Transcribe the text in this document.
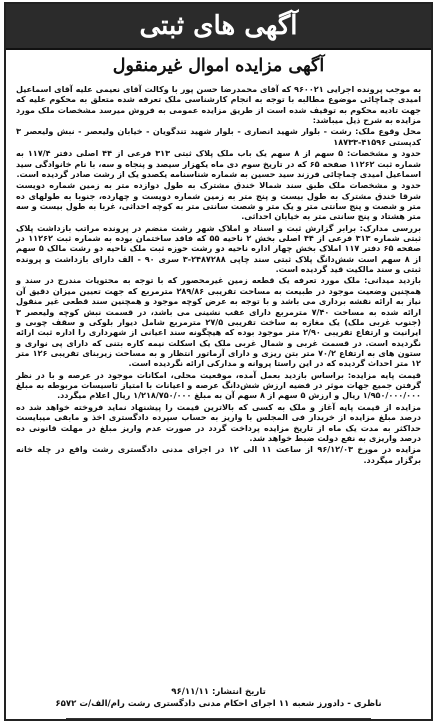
آگهی های ثبتی
آگهی مزایده اموال غیرمنقول

به موجب پرونده اجرایی ۹۶۰۰۲۱ که آقای محمدرضا حسن پور با وکالت آقای نعیمی علیه آقای اسماعیل امیدی چماچائی موضوع مطالبه با توجه به انجام کارشناسی ملک تعرفه شده متعلق به محکوم علیه که جهت تادیه محکوم به توقیف شده است از طریق مزایده عمومی به فروش میرسد مشخصات ملک مورد مزایده به شرح ذیل میباشد:

محل وقوع ملک: رشت - بلوار شهید انصاری - بلوار شهید تندگویان - خیابان ولیعصر - نبش ولیعصر ۳ کدپستی ۴۱۵۹۶-۱۸۷۳۳

حدود و مشخصات: ۵ سهم از ۸ سهم یک باب ملک پلاک ثبتی ۳۱۳ فرعی از ۴۴ اصلی دفتر ۱۱۷/۴ به شماره ثبت ۱۱۲۶۲ صفحه ۶۵ که در تاریخ سوم دی ماه یکهزار سیصد و پنجاه و سه، با نام خانوادگی سید اسماعیل امیدی چماچائی فرزند سید حسین به شماره شناسنامه یکصدو یک از رشت صادر گردیده است.

حدود و مشخصات ملک طبق سند شمالا خندق مشترک به طول دوازده متر به زمین شماره دویست شرقا خندق مشترک به طول بیست و پنج متر به زمین شماره دویست و چهارده، جنوبا به طولهای ده متر و شصت و پنج سانتی متر و یک متر و شصت سانتی متر به کوچه احداثی، غربا به طول بیست و سه متر هشتاد و پنج سانتی متر به خیابان احداثی.

بررسی مدارک: برابر گزارش ثبت و اسناد و املاک شهر رشت منضم در پرونده مراتب بازداشت پلاک ثبتی شماره ۳۱۳ فرعی از ۴۴ اصلی بخش ۲ ناحیه ۵۵ که فاقد ساختمان بوده به شماره ثبت ۱۱۲۶۲ در صفحه ۶۵ دفتر ۱۱۷ املاک بخش چهار اداره ناحیه دو رشت حوزه ثبت ملک ناحیه دو رشت مالک ۵ سهم از ۸ سهم است شش‌دانگ پلاک ثبتی سند چاپی ۲۴۸۷۲۸۸-۳ سری ۹۰ - الف دارای بازداشت و پرونده ثبتی و سند مالکیت قید گردیده است.

بازدید میدانی: ملک مورد تعرفه یک قطعه زمین غیرمحصور که با توجه به محتویات مندرج در سند و همچنین وضعیت موجود در طبیعت به مساحت تقریبی ۲۸۹/۸۶ مترمربع که جهت تعیین میزان دقیق آن نیاز به ارائه نقشه برداری می باشد و با توجه به عرض کوچه موجود و همچنین سند قطعی غیر منقول ارائه شده به مساحت ۷/۴۰ مترمربع دارای عقب نشینی می باشد، در قسمت نبش کوچه ولیعصر ۳ (جنوب غربی ملک) یک مغازه به ساخت تقریبی ۲۷/۵ مترمربع شامل دیوار بلوکی و سقف چوبی و ایرانیت و ارتفاع تقریبی ۲/۹۰ متر موجود بوده که هیچگونه سند اعیانی از شهرداری را اداره ثبت ارائه نگردیده است. در قسمت غربی و شمال غربی ملک یک اسکلت نیمه کاره بتنی که دارای پی نواری و ستون های به ارتفاع ۷۰/۲ متر بتن ریزی و دارای آرماتور انتظار و به مساحت زیربنای تقریبی ۱۲۶ متر ۱۲ متر احداث گردیده که در این راستا پروانه و مدارکی ارائه نگردیده است.

قیمت پایه مزایده: براساس بازدید بعمل آمده، موقعیت محلی، امکانات موجود در عرصه و با در نظر گرفتن جمیع جهات موثر در قضیه ارزش شش‌دانگ عرصه و اعیانات با امتیاز تاسیسات مربوطه به مبلغ ۱/۹۵۰/۰۰۰/۰۰۰ ریال و ارزش ۵ سهم از ۸ سهم آن به مبلغ ۱/۲۱۸/۷۵۰/۰۰۰ ریال اعلام میگردد.

مزایده از قیمت پایه آغاز و ملک به کسی که بالاترین قیمت را پیشنهاد نماید فروخته خواهد شد ده درصد مبلغ مزایده از خریدار فی المجلس با واریز به حساب سپرده دادگستری اخذ و مابقی میبایست حداکثر به مدت یک ماه از تاریخ مزایده پرداخت گردد در صورت عدم واریز مبلغ در مهلت قانونی ده درصد واریزی به نفع دولت ضبط خواهد شد.

مزایده در مورخ ۹۶/۱۲/۰۳ از ساعت ۱۱ الی ۱۲ در اجرای مدنی دادگستری رشت واقع در چله خانه برگزار میگردد.

تاریخ انتشار: ۹۶/۱۱/۱۱
ناظری - دادورز شعبه ۱۱ اجرای احکام مدنی دادگستری رشت رام/الف/ت ۶۵۷۲
